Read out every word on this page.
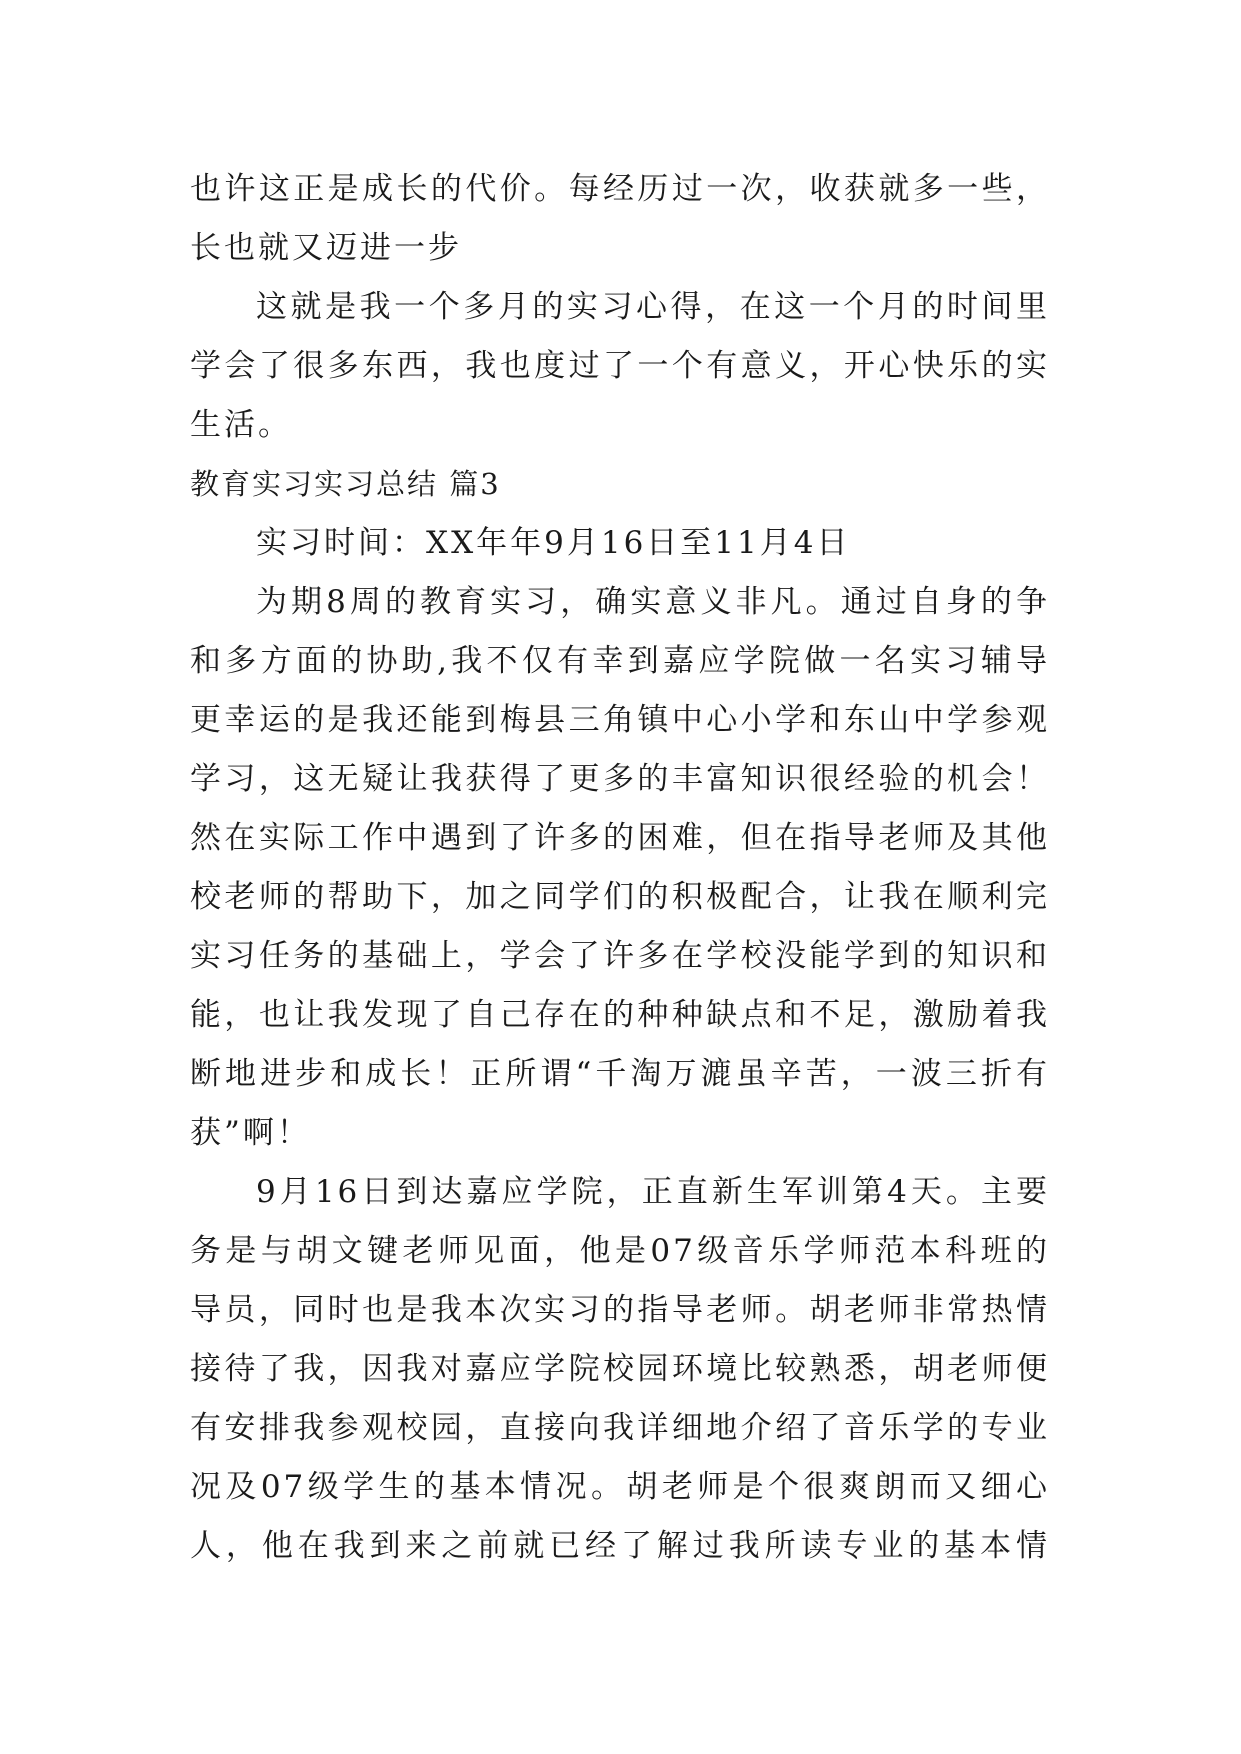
也许这正是成长的代价。每经历过一次，收获就多一些，
长也就又迈进一步
这就是我一个多月的实习心得，在这一个月的时间里
学会了很多东西，我也度过了一个有意义，开心快乐的实
生活。
教育实习实习总结 篇3
实习时间：XX年年9月16日至11月4日
为期8周的教育实习，确实意义非凡。通过自身的争
和多方面的协助,我不仅有幸到嘉应学院做一名实习辅导
更幸运的是我还能到梅县三角镇中心小学和东山中学参观
学习，这无疑让我获得了更多的丰富知识很经验的机会！
然在实际工作中遇到了许多的困难，但在指导老师及其他
校老师的帮助下，加之同学们的积极配合，让我在顺利完
实习任务的基础上，学会了许多在学校没能学到的知识和
能，也让我发现了自己存在的种种缺点和不足，激励着我
断地进步和成长！正所谓“千淘万漉虽辛苦，一波三折有
获”啊！
9月16日到达嘉应学院，正直新生军训第4天。主要
务是与胡文键老师见面，他是07级音乐学师范本科班的
导员，同时也是我本次实习的指导老师。胡老师非常热情
接待了我，因我对嘉应学院校园环境比较熟悉，胡老师便
有安排我参观校园，直接向我详细地介绍了音乐学的专业
况及07级学生的基本情况。胡老师是个很爽朗而又细心
人，他在我到来之前就已经了解过我所读专业的基本情
